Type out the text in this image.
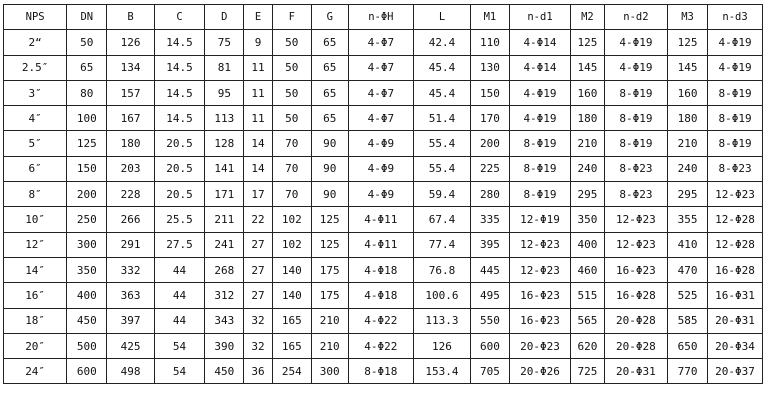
NPS	DN	B	C	D	E	F	G	n-ΦH	L	M1	n-d1	M2	n-d2	M3	n-d3
2“	50	126	14.5	75	9	50	65	4-Φ7	42.4	110	4-Φ14	125	4-Φ19	125	4-Φ19
2.5″	65	134	14.5	81	11	50	65	4-Φ7	45.4	130	4-Φ14	145	4-Φ19	145	4-Φ19
3″	80	157	14.5	95	11	50	65	4-Φ7	45.4	150	4-Φ19	160	8-Φ19	160	8-Φ19
4″	100	167	14.5	113	11	50	65	4-Φ7	51.4	170	4-Φ19	180	8-Φ19	180	8-Φ19
5″	125	180	20.5	128	14	70	90	4-Φ9	55.4	200	8-Φ19	210	8-Φ19	210	8-Φ19
6″	150	203	20.5	141	14	70	90	4-Φ9	55.4	225	8-Φ19	240	8-Φ23	240	8-Φ23
8″	200	228	20.5	171	17	70	90	4-Φ9	59.4	280	8-Φ19	295	8-Φ23	295	12-Φ23
10″	250	266	25.5	211	22	102	125	4-Φ11	67.4	335	12-Φ19	350	12-Φ23	355	12-Φ28
12″	300	291	27.5	241	27	102	125	4-Φ11	77.4	395	12-Φ23	400	12-Φ23	410	12-Φ28
14″	350	332	44	268	27	140	175	4-Φ18	76.8	445	12-Φ23	460	16-Φ23	470	16-Φ28
16″	400	363	44	312	27	140	175	4-Φ18	100.6	495	16-Φ23	515	16-Φ28	525	16-Φ31
18″	450	397	44	343	32	165	210	4-Φ22	113.3	550	16-Φ23	565	20-Φ28	585	20-Φ31
20″	500	425	54	390	32	165	210	4-Φ22	126	600	20-Φ23	620	20-Φ28	650	20-Φ34
24″	600	498	54	450	36	254	300	8-Φ18	153.4	705	20-Φ26	725	20-Φ31	770	20-Φ37
